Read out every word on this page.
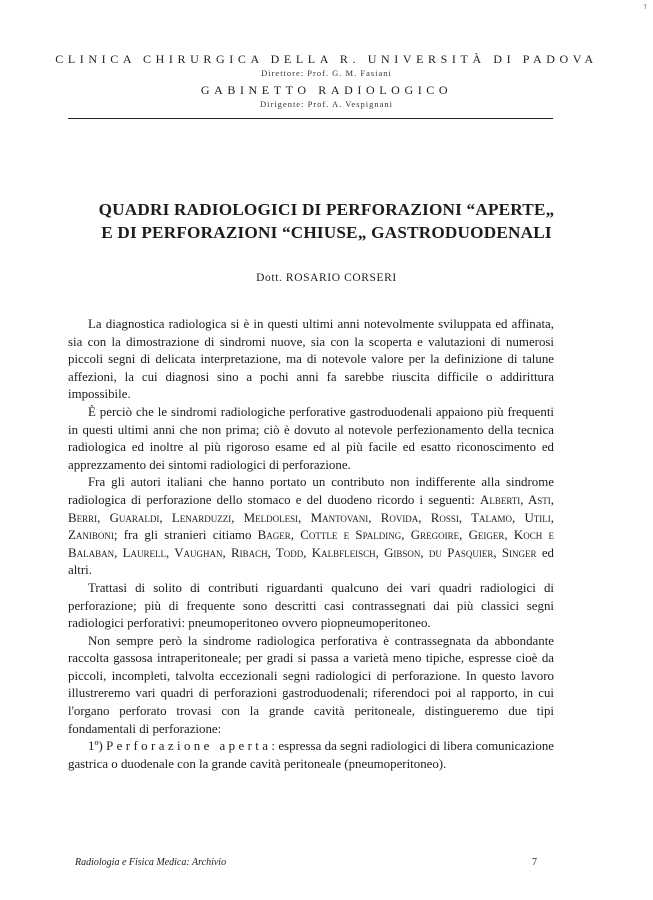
ᵀ

CLINICA CHIRURGICA DELLA R. UNIVERSITÀ DI PADOVA

Direttore: Prof. G. M. Fasiani

GABINETTO RADIOLOGICO

Dirigente: Prof. A. Vespignani

QUADRI RADIOLOGICI DI PERFORAZIONI “APERTE„
E DI PERFORAZIONI “CHIUSE„ GASTRODUODENALI

Dott. ROSARIO CORSERI

La diagnostica radiologica si è in questi ultimi anni notevolmente sviluppata ed affinata, sia con la dimostrazione di sindromi nuove, sia con la scoperta e valutazioni di numerosi piccoli segni di delicata interpretazione, ma di notevole valore per la definizione di talune affezioni, la cui diagnosi sino a pochi anni fa sarebbe riuscita difficile o addirittura impossibile.

È perciò che le sindromi radiologiche perforative gastroduodenali appaiono più frequenti in questi ultimi anni che non prima; ciò è dovuto al notevole perfezionamento della tecnica radiologica ed inoltre al più rigoroso esame ed al più facile ed esatto riconoscimento ed apprezzamento dei sintomi radiologici di perforazione.

Fra gli autori italiani che hanno portato un contributo non indifferente alla sindrome radiologica di perforazione dello stomaco e del duodeno ricordo i seguenti: Alberti, Asti, Berri, Guaraldi, Lenarduzzi, Meldolesi, Mantovani, Rovida, Rossi, Talamo, Utili, Zaniboni; fra gli stranieri citiamo Bager, Cottle e Spalding, Gregoire, Geiger, Koch e Balaban, Laurell, Vaughan, Ribach, Todd, Kalbfleisch, Gibson, du Pasquier, Singer ed altri.

Trattasi di solito di contributi riguardanti qualcuno dei vari quadri radiologici di perforazione; più di frequente sono descritti casi contrassegnati dai più classici segni radiologici perforativi: pneumoperitoneo ovvero piopneumoperitoneo.

Non sempre però la sindrome radiologica perforativa è contrassegnata da abbondante raccolta gassosa intraperitoneale; per gradi si passa a varietà meno tipiche, espresse cioè da piccoli, incompleti, talvolta eccezionali segni radiologici di perforazione. In questo lavoro illustreremo vari quadri di perforazioni gastroduodenali; riferendoci poi al rapporto, in cui l'organo perforato trovasi con la grande cavità peritoneale, distingueremo due tipi fondamentali di perforazione:

1º) Perforazione aperta: espressa da segni radiologici di libera comunicazione gastrica o duodenale con la grande cavità peritoneale (pneumoperitoneo).

Radiologia e Fisica Medica: Archivio	7
